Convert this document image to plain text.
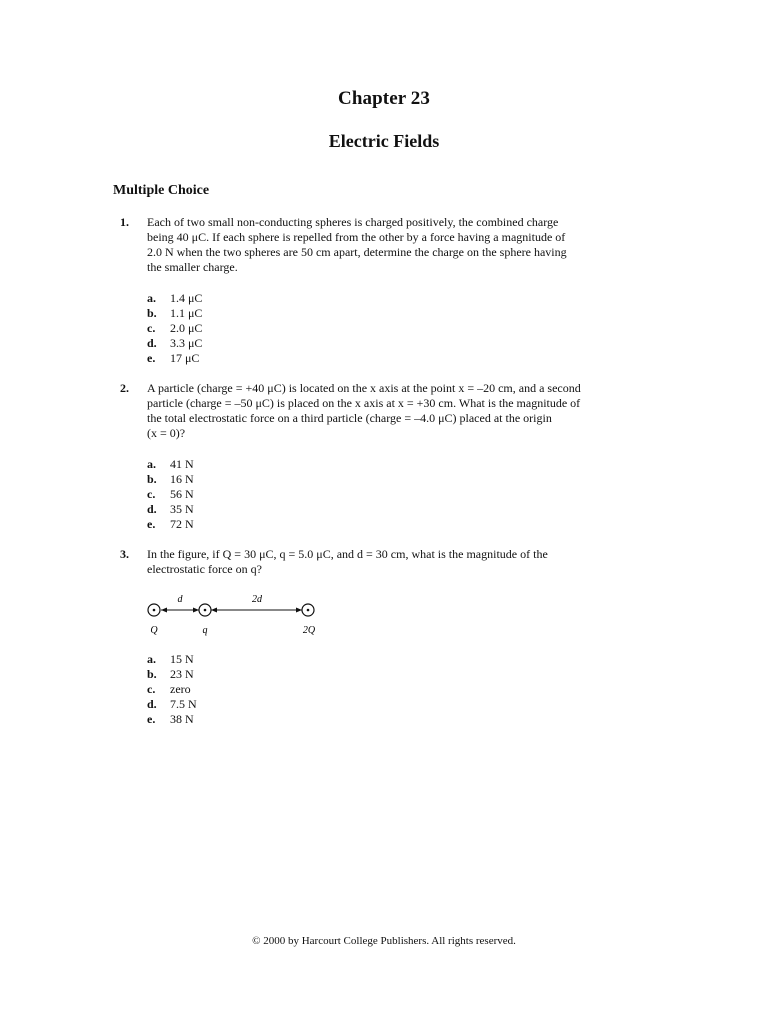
Chapter 23
Electric Fields
Multiple Choice
1.	Each of two small non-conducting spheres is charged positively, the combined charge
being 40 μC. If each sphere is repelled from the other by a force having a magnitude of
2.0 N when the two spheres are 50 cm apart, determine the charge on the sphere having
the smaller charge.
a. 1.4 μC
b. 1.1 μC
c. 2.0 μC
d. 3.3 μC
e. 17 μC
2.	A particle (charge = +40 μC) is located on the x axis at the point x = –20 cm, and a second
particle (charge = –50 μC) is placed on the x axis at x = +30 cm. What is the magnitude of
the total electrostatic force on a third particle (charge = –4.0 μC) placed at the origin
(x = 0)?
a. 41 N
b. 16 N
c. 56 N
d. 35 N
e. 72 N
3.	In the figure, if Q = 30 μC, q = 5.0 μC, and d = 30 cm, what is the magnitude of the
electrostatic force on q?
a. 15 N
b. 23 N
c. zero
d. 7.5 N
e. 38 N
d	2d
Q	q	2Q
© 2000 by Harcourt College Publishers. All rights reserved.
